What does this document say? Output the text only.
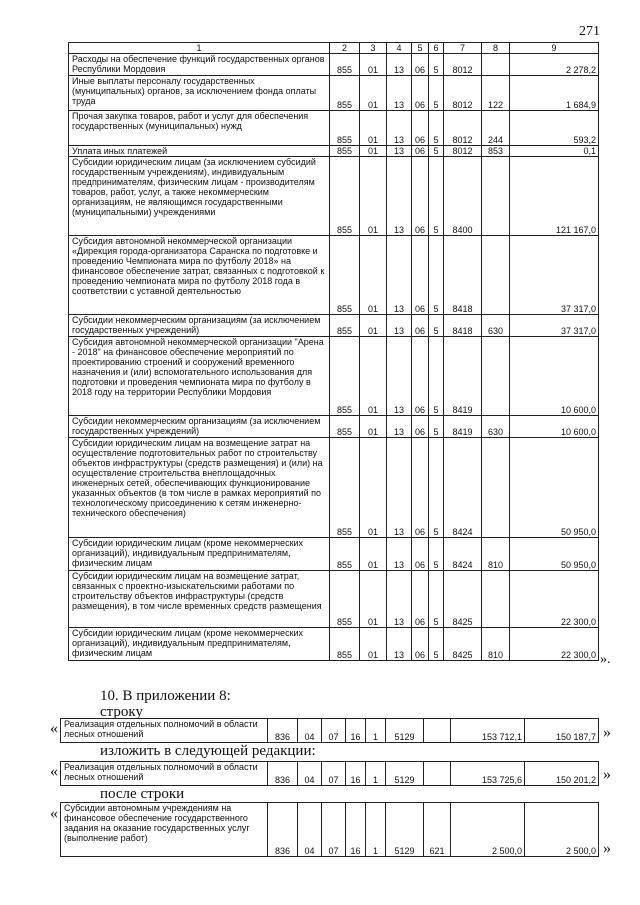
271
1	2	3	4	5	6	7	8	9
Расходы на обеспечение функций государственных органов Республики Мордовия	855	01	13	06	5	8012		2 278,2
Иные выплаты персоналу государственных (муниципальных) органов, за исключением фонда оплаты труда	855	01	13	06	5	8012	122	1 684,9
Прочая закупка товаров, работ и услуг для обеспечения государственных (муниципальных) нужд	855	01	13	06	5	8012	244	593,2
Уплата иных платежей	855	01	13	06	5	8012	853	0,1
Субсидии юридическим лицам (за исключением субсидий государственным учреждениям), индивидуальным предпринимателям, физическим лицам - производителям товаров, работ, услуг, а также некоммерческим организациям, не являющимся государственными (муниципальными) учреждениями	855	01	13	06	5	8400		121 167,0
Субсидия автономной некоммерческой организации «Дирекция города-организатора Саранска по подготовке и проведению Чемпионата мира по футболу 2018» на финансовое обеспечение затрат, связанных с подготовкой к проведению чемпионата мира по футболу 2018 года в соответствии с уставной деятельностью	855	01	13	06	5	8418		37 317,0
Субсидии некоммерческим организациям (за исключением государственных учреждений)	855	01	13	06	5	8418	630	37 317,0
Субсидия автономной некоммерческой организации "Арена - 2018" на финансовое обеспечение мероприятий по проектированию строений и сооружений временного назначения и (или) вспомогательного использования для подготовки и проведения чемпионата мира по футболу в 2018 году на территории Республики Мордовия	855	01	13	06	5	8419		10 600,0
Субсидии некоммерческим организациям (за исключением государственных учреждений)	855	01	13	06	5	8419	630	10 600,0
Субсидии юридическим лицам на возмещение затрат на осуществление подготовительных работ по строительству объектов инфраструктуры (средств размещения) и (или) на осуществление строительства внеплощадочных инженерных сетей, обеспечивающих функционирование указанных объектов (в том числе в рамках мероприятий по технологическому присоединению к сетям инженерно-технического обеспечения)	855	01	13	06	5	8424		50 950,0
Субсидии юридическим лицам (кроме некоммерческих организаций), индивидуальным предпринимателям, физическим лицам	855	01	13	06	5	8424	810	50 950,0
Субсидии юридическим лицам на возмещение затрат, связанных с проектно-изыскательскими работами по строительству объектов инфраструктуры (средств размещения), в том числе временных средств размещения	855	01	13	06	5	8425		22 300,0
Субсидии юридическим лицам (кроме некоммерческих организаций), индивидуальным предпринимателям, физическим лицам	855	01	13	06	5	8425	810	22 300,0 ».
10. В приложении 8:
строку
« Реализация отдельных полномочий в области лесных отношений	836	04	07	16	1	5129		153 712,1	150 187,7 »
изложить в следующей редакции:
« Реализация отдельных полномочий в области лесных отношений	836	04	07	16	1	5129		153 725,6	150 201,2 »
после строки
« Субсидии автономным учреждениям на финансовое обеспечение государственного задания на оказание государственных услуг (выполнение работ)	836	04	07	16	1	5129	621	2 500,0	2 500,0 »
